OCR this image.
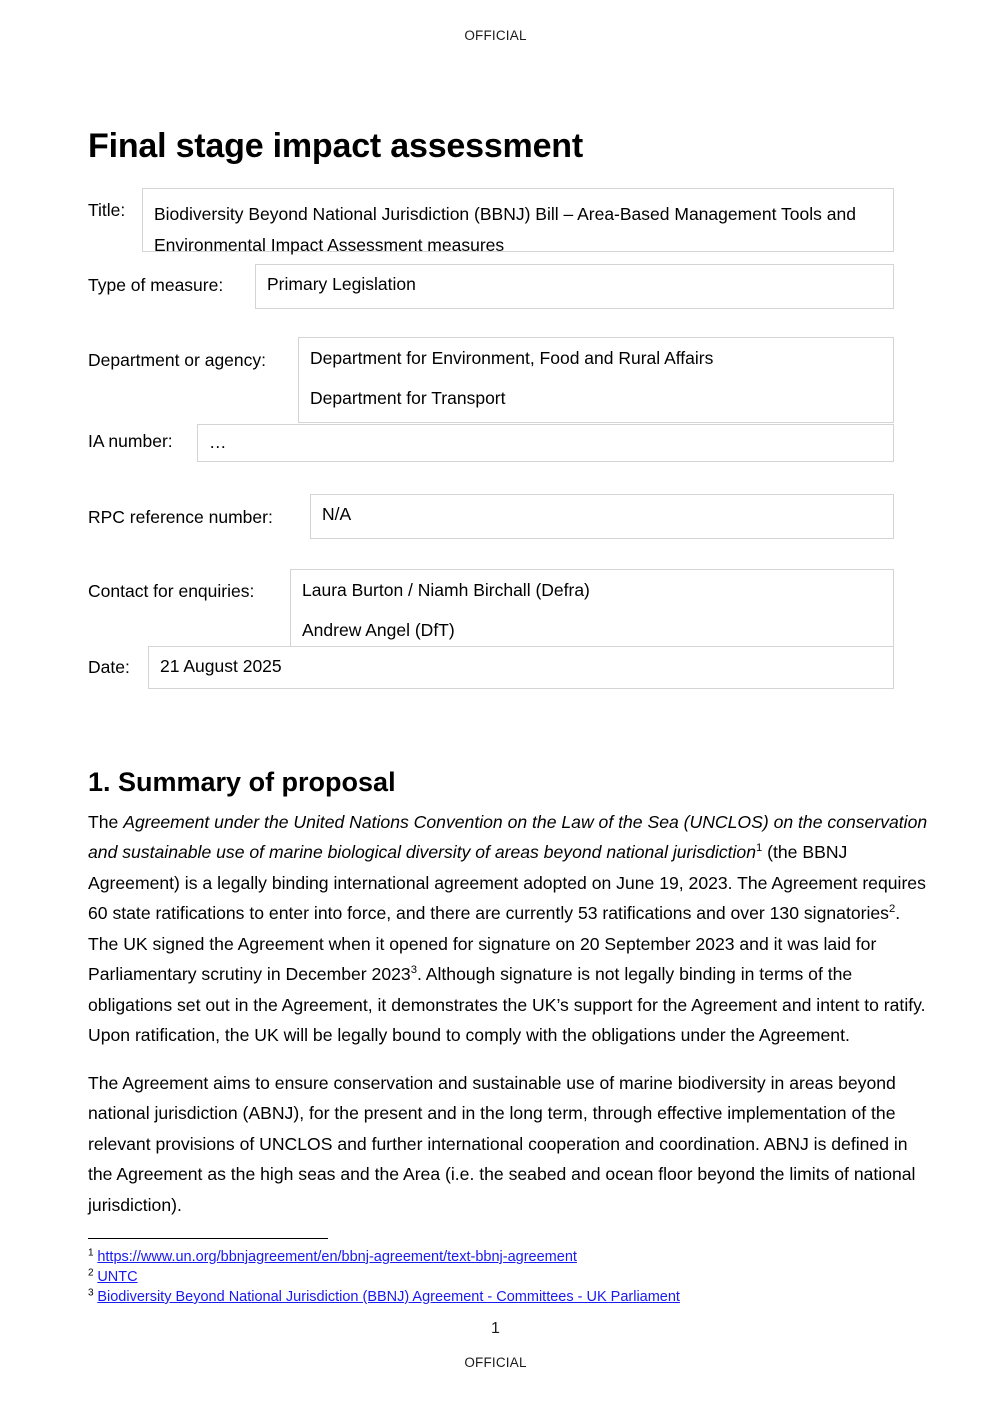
OFFICIAL
Final stage impact assessment
Title: Biodiversity Beyond National Jurisdiction (BBNJ) Bill – Area-Based Management Tools and Environmental Impact Assessment measures
Type of measure:	Primary Legislation
Department or agency:	Department for Environment, Food and Rural Affairs
Department for Transport
IA number: …
RPC reference number:	N/A
Contact for enquiries:	Laura Burton / Niamh Birchall (Defra)
Andrew Angel (DfT)
Date: 21 August 2025
1. Summary of proposal

The Agreement under the United Nations Convention on the Law of the Sea (UNCLOS) on the conservation and sustainable use of marine biological diversity of areas beyond national jurisdiction$^1$ (the BBNJ Agreement) is a legally binding international agreement adopted on June 19, 2023. The Agreement requires 60 state ratifications to enter into force, and there are currently 53 ratifications and over 130 signatories$^2$. The UK signed the Agreement when it opened for signature on 20 September 2023 and it was laid for Parliamentary scrutiny in December 2023$^3$. Although signature is not legally binding in terms of the obligations set out in the Agreement, it demonstrates the UK’s support for the Agreement and intent to ratify. Upon ratification, the UK will be legally bound to comply with the obligations under the Agreement.

The Agreement aims to ensure conservation and sustainable use of marine biodiversity in areas beyond national jurisdiction (ABNJ), for the present and in the long term, through effective implementation of the relevant provisions of UNCLOS and further international cooperation and coordination. ABNJ is defined in the Agreement as the high seas and the Area (i.e. the seabed and ocean floor beyond the limits of national jurisdiction).

$^1$ https://www.un.org/bbnjagreement/en/bbnj-agreement/text-bbnj-agreement
$^2$ UNTC
$^3$ Biodiversity Beyond National Jurisdiction (BBNJ) Agreement - Committees - UK Parliament
1
OFFICIAL
